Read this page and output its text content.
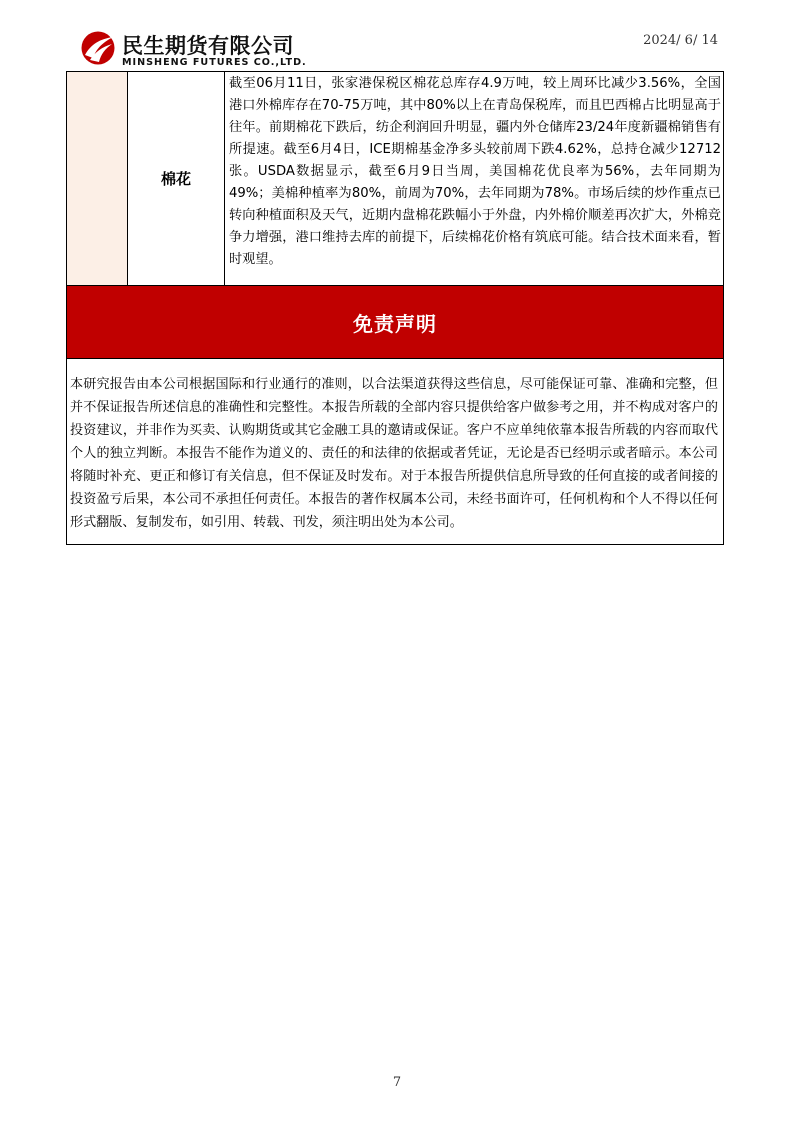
民生期货有限公司
MINSHENG FUTURES CO.,LTD.
2024/ 6/ 14
棉花
截至06月11日，张家港保税区棉花总库存4.9万吨，较上周环比减少3.56%，全国港口外棉库存在70-75万吨，其中80%以上在青岛保税库，而且巴西棉占比明显高于往年。前期棉花下跌后，纺企利润回升明显，疆内外仓储库23/24年度新疆棉销售有所提速。截至6月4日，ICE期棉基金净多头较前周下跌4.62%，总持仓减少12712张。USDA数据显示，截至6月9日当周，美国棉花优良率为56%，去年同期为49%；美棉种植率为80%，前周为70%，去年同期为78%。市场后续的炒作重点已转向种植面积及天气，近期内盘棉花跌幅小于外盘，内外棉价顺差再次扩大，外棉竞争力增强，港口维持去库的前提下，后续棉花价格有筑底可能。结合技术面来看，暂时观望。
免责声明
本研究报告由本公司根据国际和行业通行的准则，以合法渠道获得这些信息，尽可能保证可靠、准确和完整，但并不保证报告所述信息的准确性和完整性。本报告所载的全部内容只提供给客户做参考之用，并不构成对客户的投资建议，并非作为买卖、认购期货或其它金融工具的邀请或保证。客户不应单纯依靠本报告所载的内容而取代个人的独立判断。本报告不能作为道义的、责任的和法律的依据或者凭证，无论是否已经明示或者暗示。本公司将随时补充、更正和修订有关信息，但不保证及时发布。对于本报告所提供信息所导致的任何直接的或者间接的投资盈亏后果，本公司不承担任何责任。本报告的著作权属本公司，未经书面许可，任何机构和个人不得以任何形式翻版、复制发布，如引用、转载、刊发，须注明出处为本公司。
7
